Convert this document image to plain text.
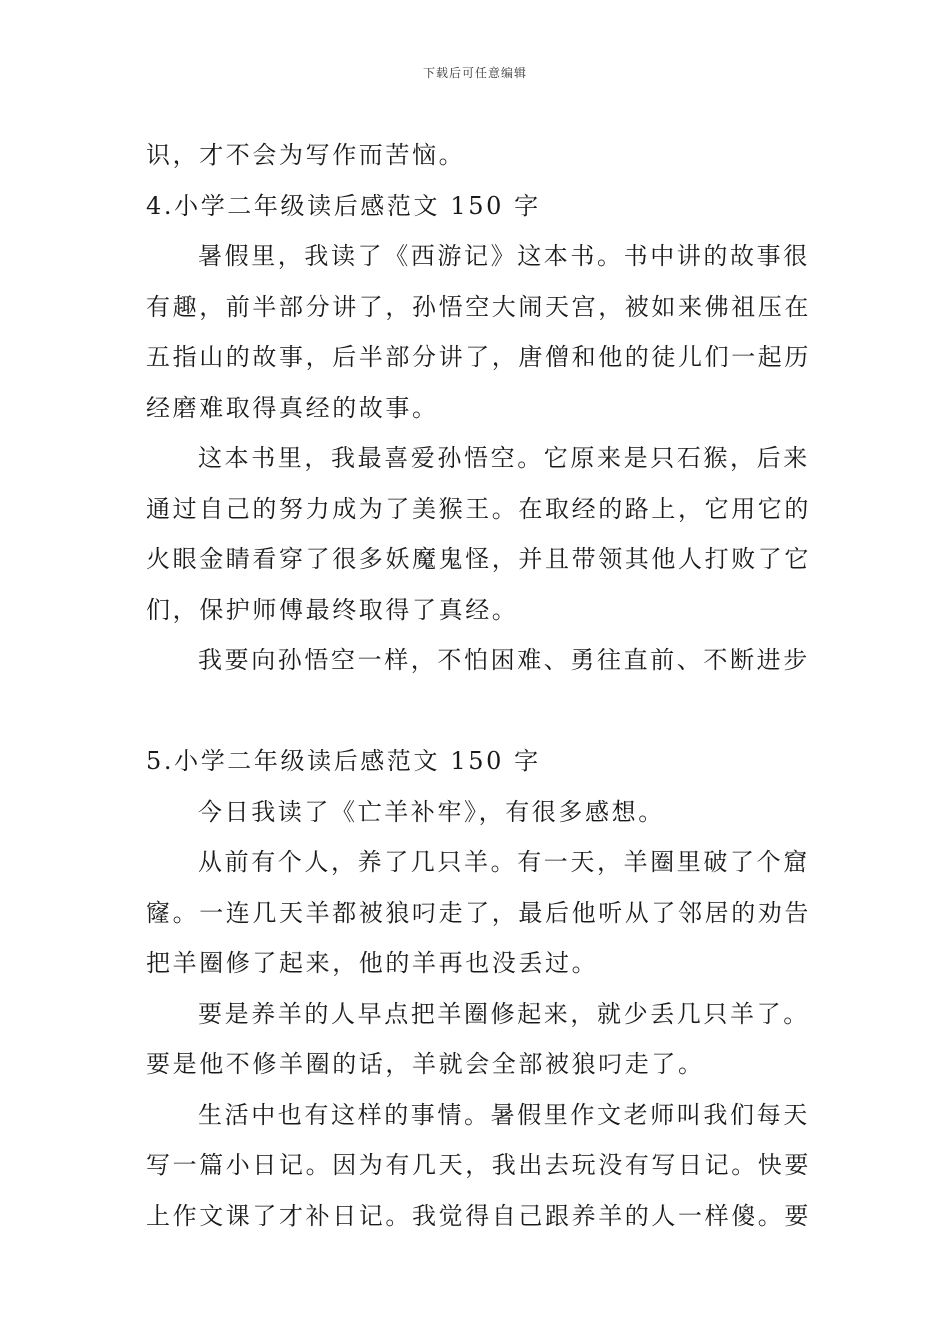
下载后可任意编辑
识，才不会为写作而苦恼。
4.小学二年级读后感范文 150 字
暑假里，我读了《西游记》这本书。书中讲的故事很
有趣，前半部分讲了，孙悟空大闹天宫，被如来佛祖压在
五指山的故事，后半部分讲了，唐僧和他的徒儿们一起历
经磨难取得真经的故事。
这本书里，我最喜爱孙悟空。它原来是只石猴，后来
通过自己的努力成为了美猴王。在取经的路上，它用它的
火眼金睛看穿了很多妖魔鬼怪，并且带领其他人打败了它
们，保护师傅最终取得了真经。
我要向孙悟空一样，不怕困难、勇往直前、不断进步
5.小学二年级读后感范文 150 字
今日我读了《亡羊补牢》，有很多感想。
从前有个人，养了几只羊。有一天，羊圈里破了个窟
窿。一连几天羊都被狼叼走了，最后他听从了邻居的劝告
把羊圈修了起来，他的羊再也没丢过。
要是养羊的人早点把羊圈修起来，就少丢几只羊了。
要是他不修羊圈的话，羊就会全部被狼叼走了。
生活中也有这样的事情。暑假里作文老师叫我们每天
写一篇小日记。因为有几天，我出去玩没有写日记。快要
上作文课了才补日记。我觉得自己跟养羊的人一样傻。要
